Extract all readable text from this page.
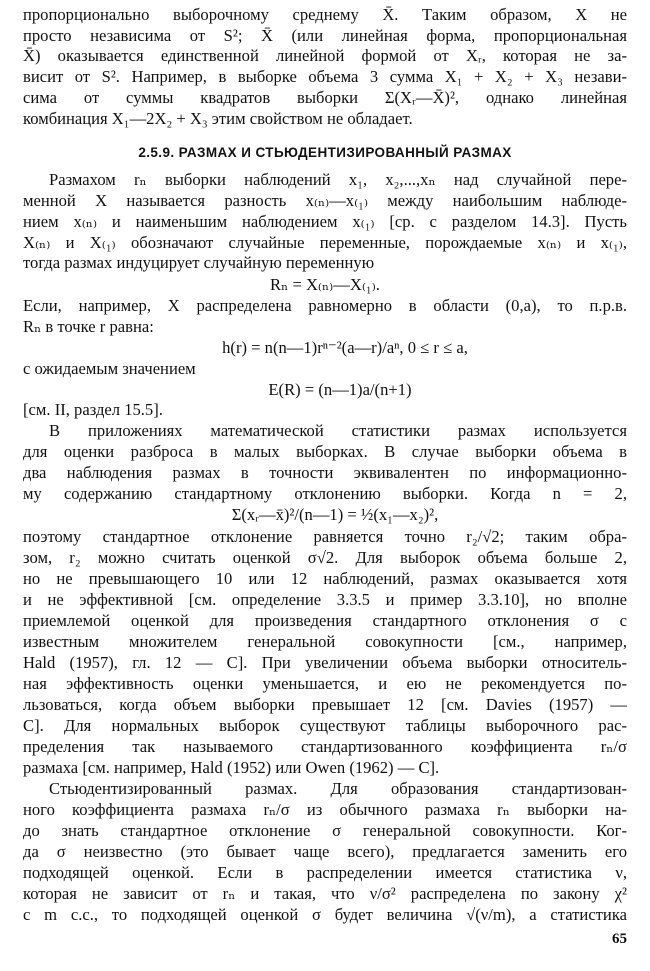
пропорционально выборочному среднему X̄. Таким образом, X не
просто независима от S²; X̄ (или линейная форма, пропорциональная
X̄) оказывается единственной линейной формой от Xᵣ, которая не за-
висит от S². Например, в выборке объема 3 сумма X₁ + X₂ + X₃ незави-
сима от суммы квадратов выборки Σ(Xᵣ—X̄)², однако линейная
комбинация X₁—2X₂ + X₃ этим свойством не обладает.
2.5.9. РАЗМАХ И СТЬЮДЕНТИЗИРОВАННЫЙ РАЗМАХ
Размахом rₙ выборки наблюдений x₁, x₂,...,xₙ над случайной пере-
менной X называется разность x₍ₙ₎—x₍₁₎ между наибольшим наблюде-
нием x₍ₙ₎ и наименьшим наблюдением x₍₁₎ [ср. с разделом 14.3]. Пусть
X₍ₙ₎ и X₍₁₎ обозначают случайные переменные, порождаемые x₍ₙ₎ и x₍₁₎,
тогда размах индуцирует случайную переменную
Rₙ = X₍ₙ₎—X₍₁₎.
Если, например, X распределена равномерно в области (0,a), то п.р.в.
Rₙ в точке r равна:
h(r) = n(n—1)rⁿ⁻²(a—r)/aⁿ, 0 ≤ r ≤ a,
с ожидаемым значением
E(R) = (n—1)a/(n+1)
[см. II, раздел 15.5].
В приложениях математической статистики размах используется
для оценки разброса в малых выборках. В случае выборки объема в
два наблюдения размах в точности эквивалентен по информационно-
му содержанию стандартному отклонению выборки. Когда n = 2,
Σ(xᵣ—x̄)²/(n—1) = ½(x₁—x₂)²,
поэтому стандартное отклонение равняется точно r₂/√2; таким обра-
зом, r₂ можно считать оценкой σ√2. Для выборок объема больше 2,
но не превышающего 10 или 12 наблюдений, размах оказывается хотя
и не эффективной [см. определение 3.3.5 и пример 3.3.10], но вполне
приемлемой оценкой для произведения стандартного отклонения σ с
известным множителем генеральной совокупности [см., например,
Hald (1957), гл. 12 — C]. При увеличении объема выборки относитель-
ная эффективность оценки уменьшается, и ею не рекомендуется по-
льзоваться, когда объем выборки превышает 12 [см. Davies (1957) —
C]. Для нормальных выборок существуют таблицы выборочного рас-
пределения так называемого стандартизованного коэффициента rₙ/σ
размаха [см. например, Hald (1952) или Owen (1962) — C].
Стьюдентизированный размах. Для образования стандартизован-
ного коэффициента размаха rₙ/σ из обычного размаха rₙ выборки на-
до знать стандартное отклонение σ генеральной совокупности. Ког-
да σ неизвестно (это бывает чаще всего), предлагается заменить его
подходящей оценкой. Если в распределении имеется статистика ν,
которая не зависит от rₙ и такая, что ν/σ² распределена по закону χ²
с m с.с., то подходящей оценкой σ будет величина √(ν/m), а статистика
65
